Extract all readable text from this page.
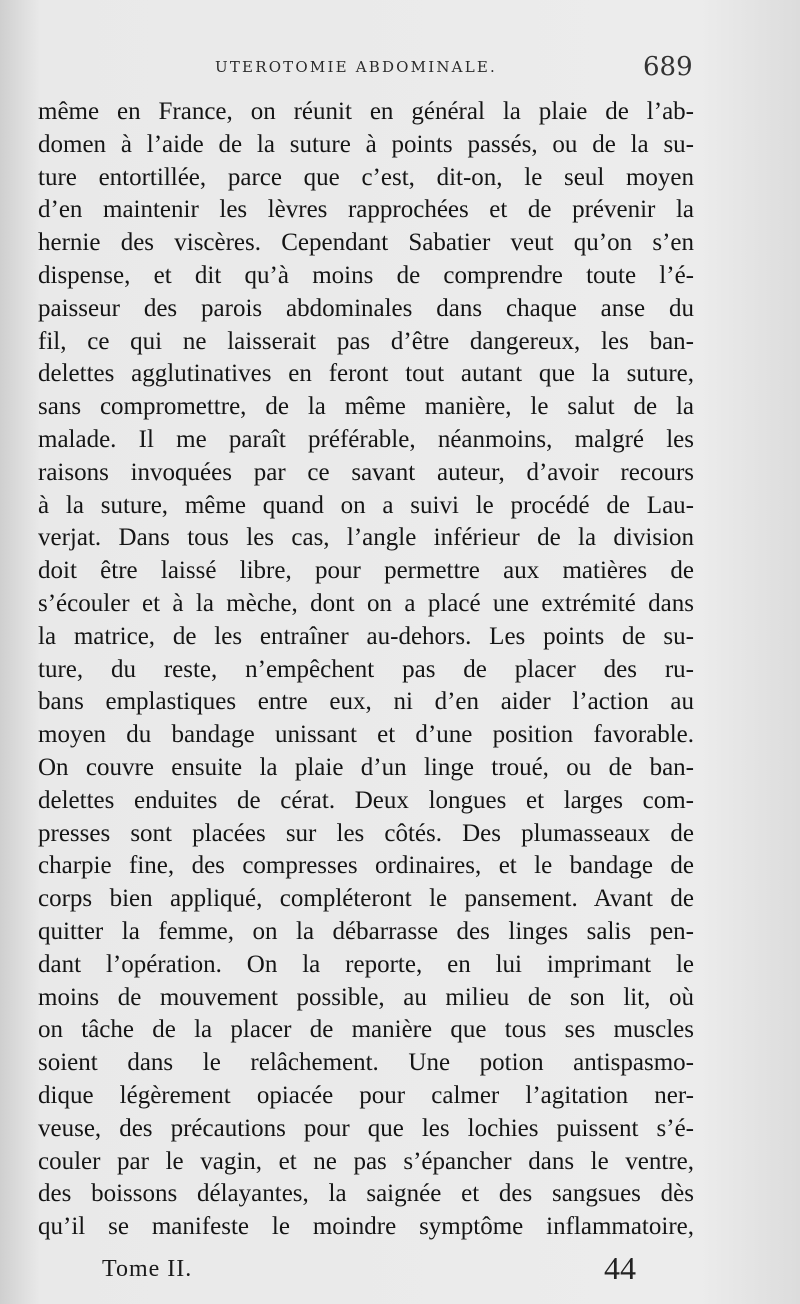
UTEROTOMIE ABDOMINALE.	689
même en France, on réunit en général la plaie de l’ab-
domen à l’aide de la suture à points passés, ou de la su-
ture entortillée, parce que c’est, dit-on, le seul moyen
d’en maintenir les lèvres rapprochées et de prévenir la
hernie des viscères. Cependant Sabatier veut qu’on s’en
dispense, et dit qu’à moins de comprendre toute l’é-
paisseur des parois abdominales dans chaque anse du
fil, ce qui ne laisserait pas d’être dangereux, les ban-
delettes agglutinatives en feront tout autant que la suture,
sans compromettre, de la même manière, le salut de la
malade. Il me paraît préférable, néanmoins, malgré les
raisons invoquées par ce savant auteur, d’avoir recours
à la suture, même quand on a suivi le procédé de Lau-
verjat. Dans tous les cas, l’angle inférieur de la division
doit être laissé libre, pour permettre aux matières de
s’écouler et à la mèche, dont on a placé une extrémité dans
la matrice, de les entraîner au-dehors. Les points de su-
ture, du reste, n’empêchent pas de placer des ru-
bans emplastiques entre eux, ni d’en aider l’action au
moyen du bandage unissant et d’une position favorable.
On couvre ensuite la plaie d’un linge troué, ou de ban-
delettes enduites de cérat. Deux longues et larges com-
presses sont placées sur les côtés. Des plumasseaux de
charpie fine, des compresses ordinaires, et le bandage de
corps bien appliqué, compléteront le pansement. Avant de
quitter la femme, on la débarrasse des linges salis pen-
dant l’opération. On la reporte, en lui imprimant le
moins de mouvement possible, au milieu de son lit, où
on tâche de la placer de manière que tous ses muscles
soient dans le relâchement. Une potion antispasmo-
dique légèrement opiacée pour calmer l’agitation ner-
veuse, des précautions pour que les lochies puissent s’é-
couler par le vagin, et ne pas s’épancher dans le ventre,
des boissons délayantes, la saignée et des sangsues dès
qu’il se manifeste le moindre symptôme inflammatoire,
Tome II.	44
